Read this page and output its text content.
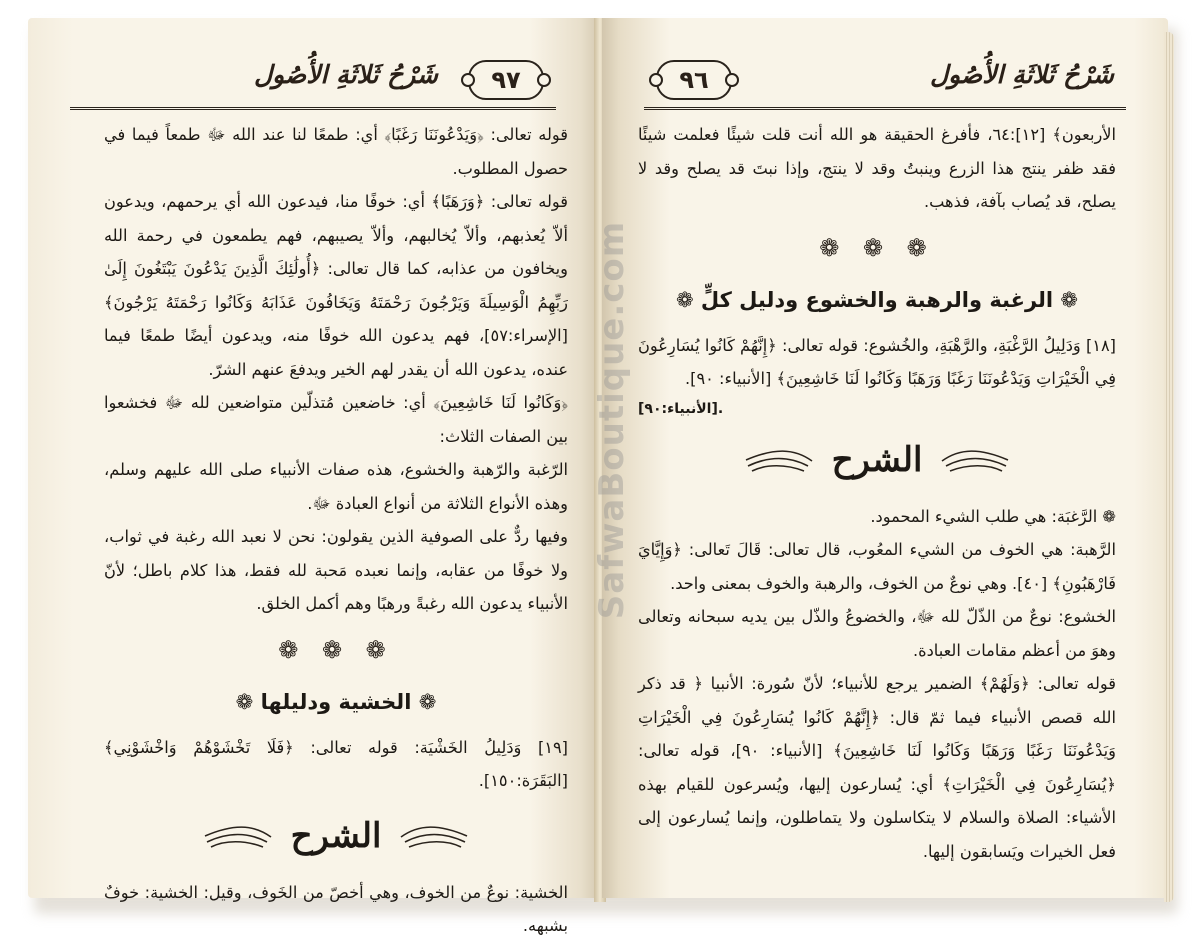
شَرْحُ ثَلاثَةِ الأُصُول	٩٧

قوله تعالى: ﴿وَيَدْعُونَنَا رَغَبًا﴾ أي: طمعًا لنا عند الله ﷻ طمعاً فيما في حصول المطلوب.

قوله تعالى: ﴿وَرَهَبًا﴾ أي: خوفًا منا، فيدعون الله أي يرحمهم، ويدعون ألاّ يُعذبهم، وألاّ يُخالبهم، وألاّ يصيبهم، فهم يطمعون في رحمة الله ويخافون من عذابه، كما قال تعالى: ﴿أُولَٰئِكَ الَّذِينَ يَدْعُونَ يَبْتَغُونَ إِلَىٰ رَبِّهِمُ الْوَسِيلَةَ وَيَرْجُونَ رَحْمَتَهُ وَيَخَافُونَ عَذَابَهُ وَكَانُوا رَحْمَتَهُ يَرْجُونَ﴾ [الإسراء:٥٧]، فهم يدعون الله خوفًا منه، ويدعون أيضًا طمعًا فيما عنده، يدعون الله أن يقدر لهم الخير ويدفعَ عنهم الشرّ.

﴿وَكَانُوا لَنَا خَاشِعِينَ﴾ أي: خاضعين مُتذلّين متواضعين لله ﷻ فخشعوا بين الصفات الثلاث:

الرّغبة والرّهبة والخشوع، هذه صفات الأنبياء صلى الله عليهم وسلم، وهذه الأنواع الثلاثة من أنواع العبادة ﷻ.

وفيها ردٌّ على الصوفية الذين يقولون: نحن لا نعبد الله رغبة في ثواب، ولا خوفًا من عقابه، وإنما نعبده مَحبة لله فقط، هذا كلام باطل؛ لأنّ الأنبياء يدعون الله رغبةً ورهبًا وهم أكمل الخلق.

❁ ❁ ❁
❁ الخشية ودليلها ❁

[١٩] وَدَلِيلُ الخَشْيَة: قوله تعالى: ﴿فَلَا تَخْشَوْهُمْ وَاخْشَوْنِي﴾ [البَقَرَة:١٥٠].

الشرح

الخشية: نوعٌ من الخوف، وهي أخصّ من الخَوف، وقيل: الخشية: خوفٌ بشبهه.

٩٦	شَرْحُ ثَلاثَةِ الأُصُول

الأربعون﴾ [١٢]:٦٤، فأفرغ الحقيقة هو الله أنت قلت شيئًا فعلمت شيئًا فقد ظفر ينتج هذا الزرع وينبتُ وقد لا ينتج، وإذا نبتَ قد يصلح وقد لا يصلح، قد يُصاب بآفة، فذهب.

❁ ❁ ❁
❁ الرغبة والرهبة والخشوع ودليل كلٍّ ❁

[١٨] وَدَلِيلُ الرَّغْبَةِ، والرَّهْبَةِ، والخُشوع: قوله تعالى: ﴿إِنَّهُمْ كَانُوا يُسَارِعُونَ فِي الْخَيْرَاتِ وَيَدْعُونَنَا رَغَبًا وَرَهَبًا وَكَانُوا لَنَا خَاشِعِينَ﴾ [الأنبياء: ٩٠].

[الأنبياء:٩٠].
الشرح

❁ الرَّغبَة: هي طلب الشيء المحمود.

الرَّهبة: هي الخوف من الشيء المعُوب، قال تعالى: قَالَ تَعالى: ﴿وَإِيَّايَ فَارْهَبُونِ﴾ [٤٠]. وهي نوعٌ من الخوف، والرهبة والخوف بمعنى واحد.

الخشوع: نوعٌ من الذّلّ لله ﷻ، والخضوعُ والذّل بين يديه سبحانه وتعالى وهوَ من أعظم مقامات العبادة.

قوله تعالى: ﴿وَلَهُمْ﴾ الضمير يرجع للأنبياء؛ لأنّ سُورة: الأنبيا ﴿ قد ذكر الله قصص الأنبياء فيما ثمّ قال: ﴿إِنَّهُمْ كَانُوا يُسَارِعُونَ فِي الْخَيْرَاتِ وَيَدْعُونَنَا رَغَبًا وَرَهَبًا وَكَانُوا لَنَا خَاشِعِينَ﴾ [الأنبياء: ٩٠]، قوله تعالى: ﴿يُسَارِعُونَ فِي الْخَيْرَاتِ﴾ أي: يُسارعون إليها، ويُسرعون للقيام بهذه الأشياء: الصلاة والسلام لا يتكاسلون ولا يتماطلون، وإنما يُسارعون إلى فعل الخيرات ويَسابقون إليها.

SafwaBoutique.com
